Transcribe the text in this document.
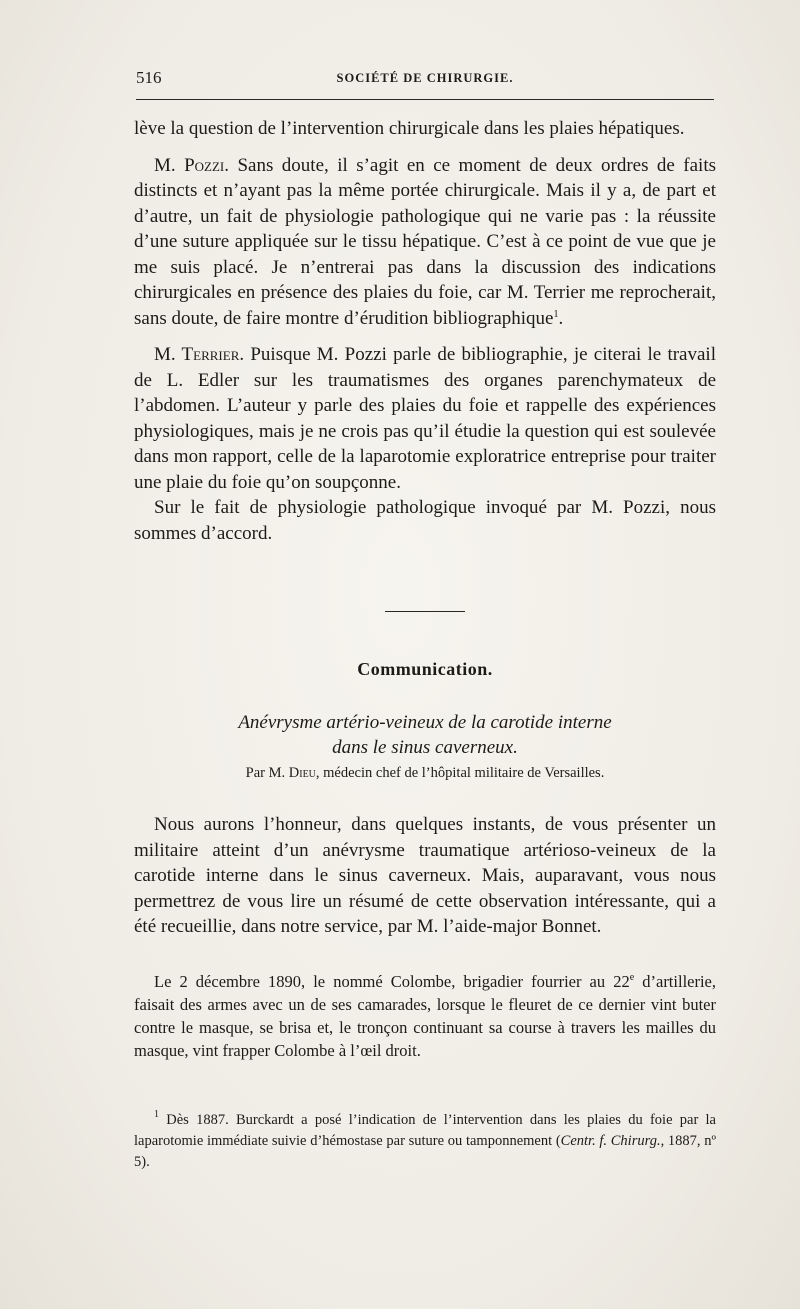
516	SOCIÉTÉ DE CHIRURGIE.

lève la question de l’intervention chirurgicale dans les plaies hépatiques.

M. Pozzi. Sans doute, il s’agit en ce moment de deux ordres de faits distincts et n’ayant pas la même portée chirurgicale. Mais il y a, de part et d’autre, un fait de physiologie pathologique qui ne varie pas : la réussite d’une suture appliquée sur le tissu hépatique. C’est à ce point de vue que je me suis placé. Je n’entrerai pas dans la discussion des indications chirurgicales en présence des plaies du foie, car M. Terrier me reprocherait, sans doute, de faire montre d’érudition bibliographique$^1$.

M. Terrier. Puisque M. Pozzi parle de bibliographie, je citerai le travail de L. Edler sur les traumatismes des organes parenchymateux de l’abdomen. L’auteur y parle des plaies du foie et rappelle des expériences physiologiques, mais je ne crois pas qu’il étudie la question qui est soulevée dans mon rapport, celle de la laparotomie exploratrice entreprise pour traiter une plaie du foie qu’on soupçonne.

Sur le fait de physiologie pathologique invoqué par M. Pozzi, nous sommes d’accord.

Communication.
Anévrysme artério-veineux de la carotide interne
dans le sinus caverneux.
Par M. Dieu, médecin chef de l’hôpital militaire de Versailles.

Nous aurons l’honneur, dans quelques instants, de vous présenter un militaire atteint d’un anévrysme traumatique artérioso-veineux de la carotide interne dans le sinus caverneux. Mais, auparavant, vous nous permettrez de vous lire un résumé de cette observation intéressante, qui a été recueillie, dans notre service, par M. l’aide-major Bonnet.

Le 2 décembre 1890, le nommé Colombe, brigadier fourrier au 22e d’artillerie, faisait des armes avec un de ses camarades, lorsque le fleuret de ce dernier vint buter contre le masque, se brisa et, le tronçon continuant sa course à travers les mailles du masque, vint frapper Colombe à l’œil droit.

$^1$ Dès 1887. Burckardt a posé l’indication de l’intervention dans les plaies du foie par la laparotomie immédiate suivie d’hémostase par suture ou tamponnement (Centr. f. Chirurg., 1887, nº 5).
